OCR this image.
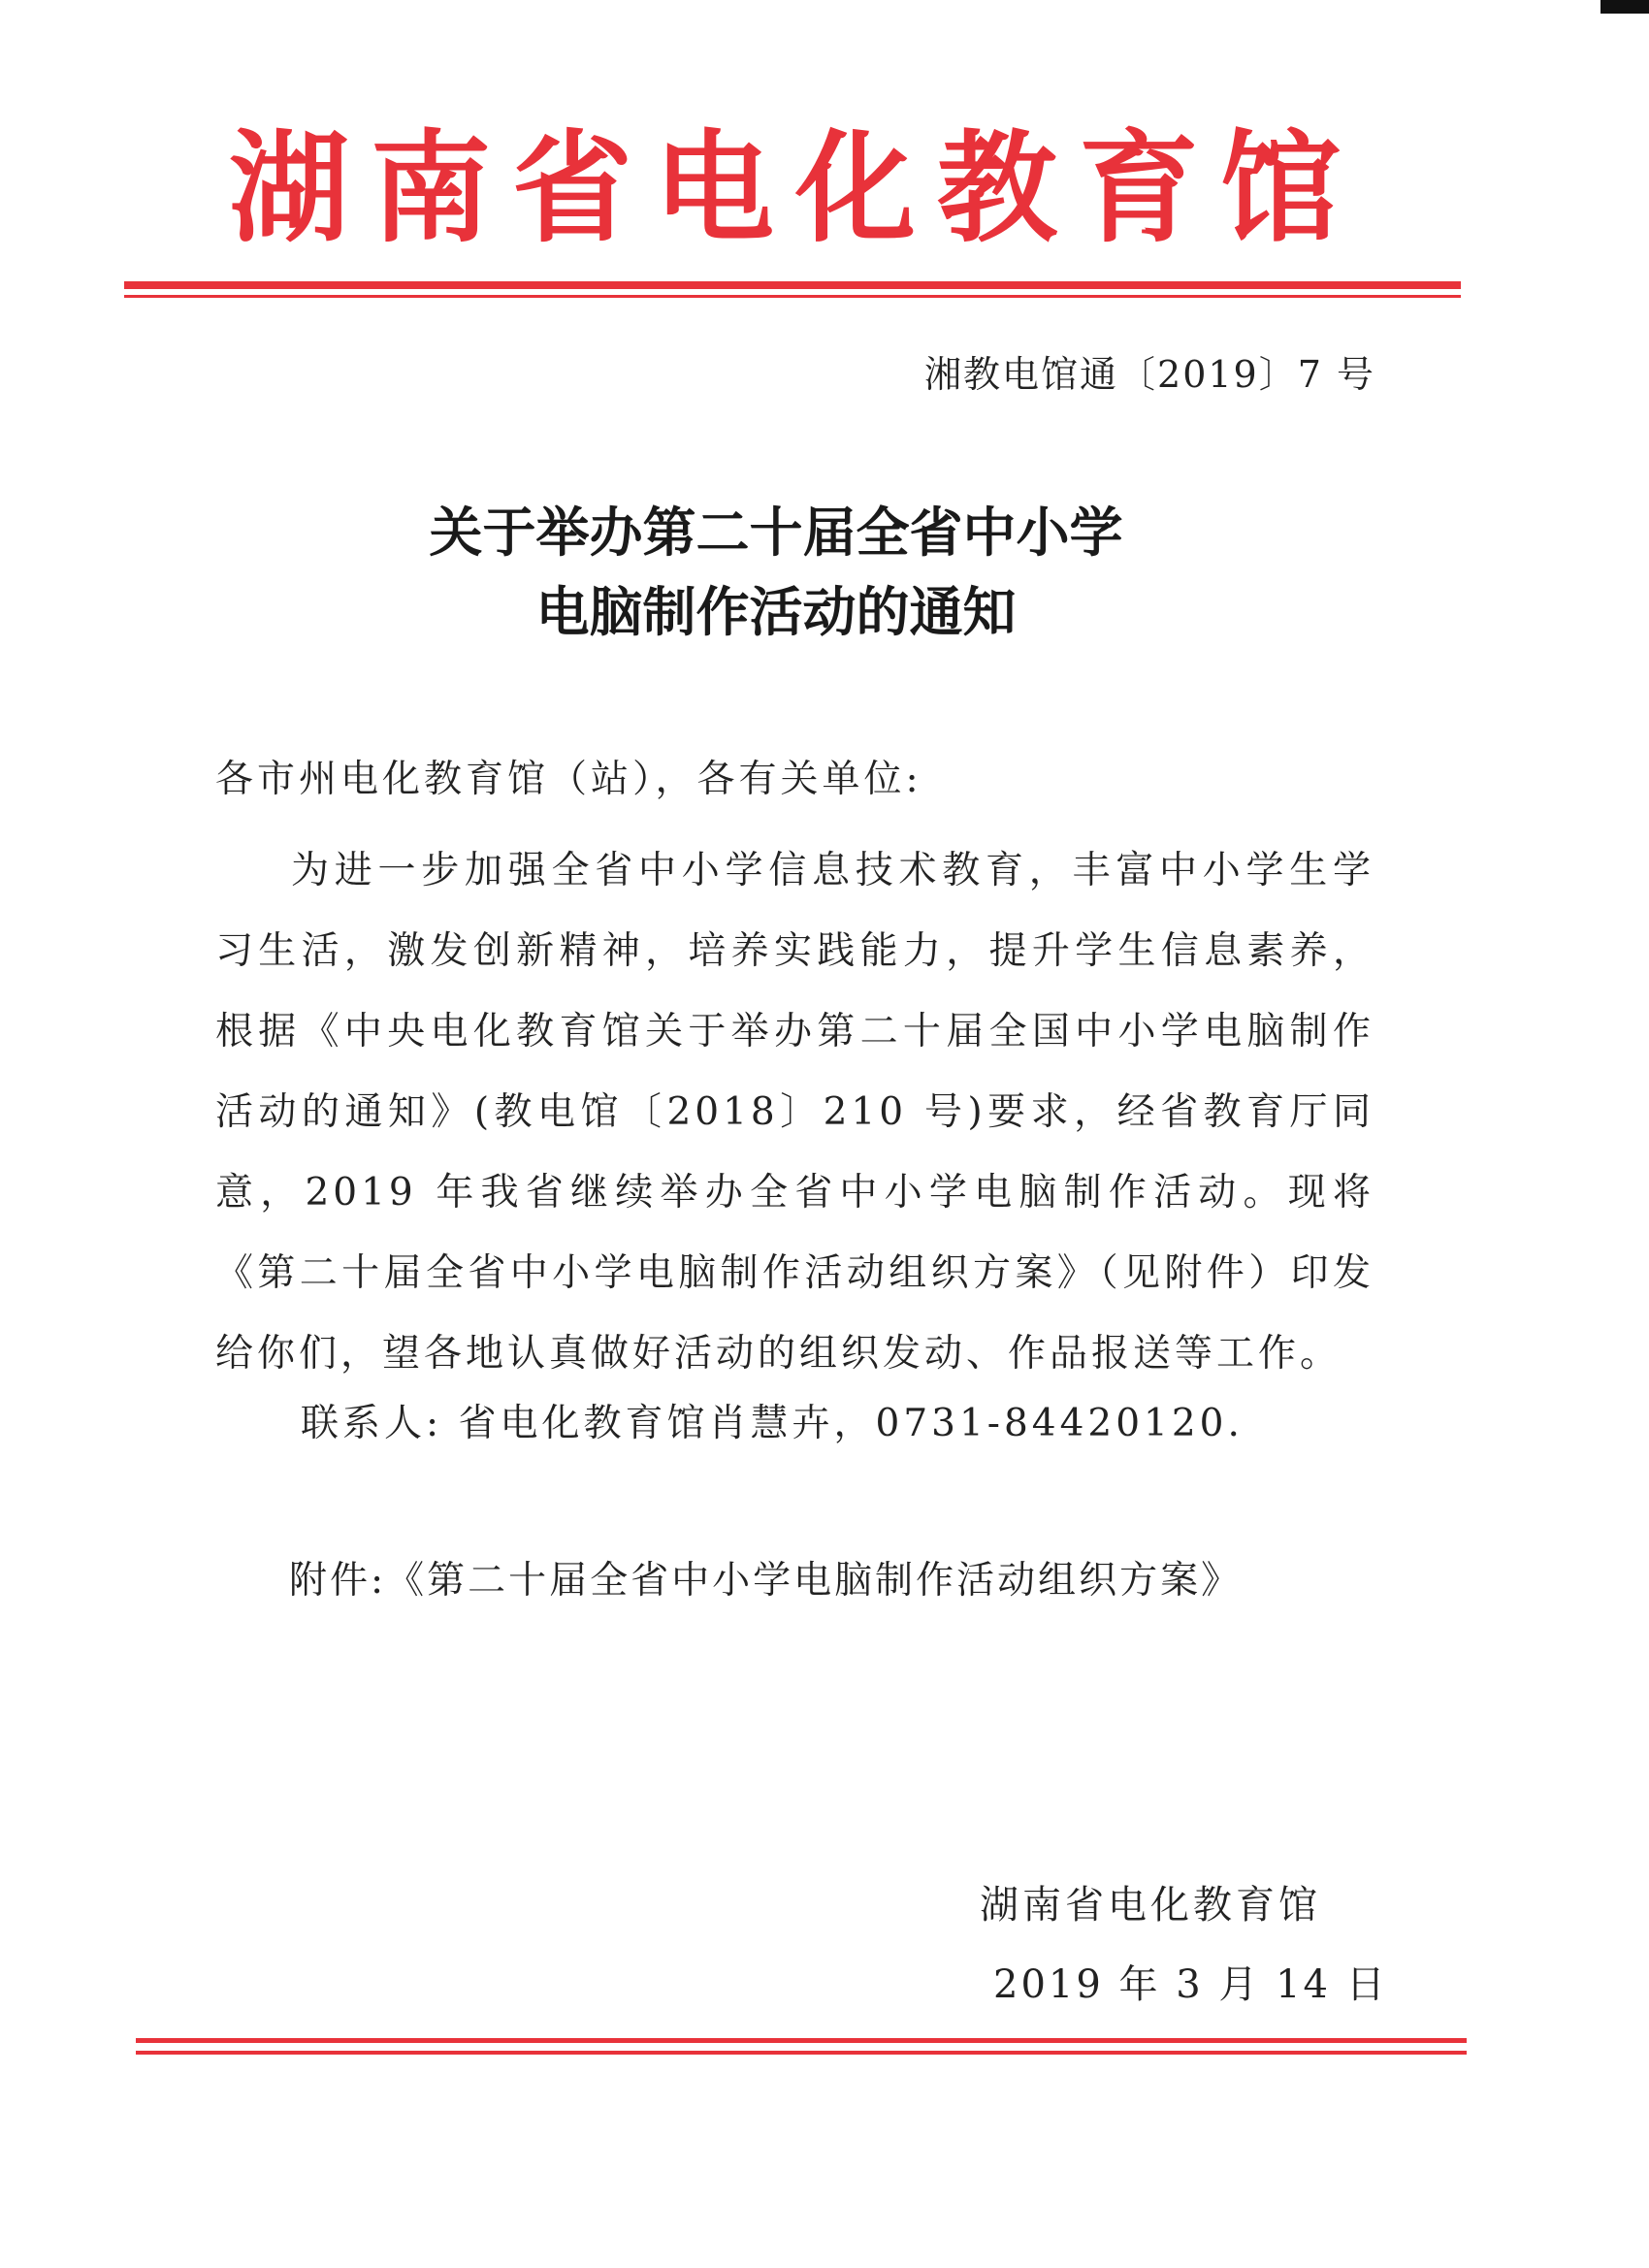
湖南省电化教育馆
湘教电馆通〔2019〕7 号
关于举办第二十届全省中小学
电脑制作活动的通知
各市州电化教育馆（站），各有关单位:

为进一步加强全省中小学信息技术教育，丰富中小学生学习生活，激发创新精神，培养实践能力，提升学生信息素养，根据《中央电化教育馆关于举办第二十届全国中小学电脑制作活动的通知》(教电馆〔2018〕210 号)要求，经省教育厅同意，2019 年我省继续举办全省中小学电脑制作活动。现将《第二十届全省中小学电脑制作活动组织方案》（见附件）印发给你们，望各地认真做好活动的组织发动、作品报送等工作。

联系人: 省电化教育馆肖慧卉，0731-84420120.
附件:《第二十届全省中小学电脑制作活动组织方案》
湖南省电化教育馆
2019 年 3 月 14 日
